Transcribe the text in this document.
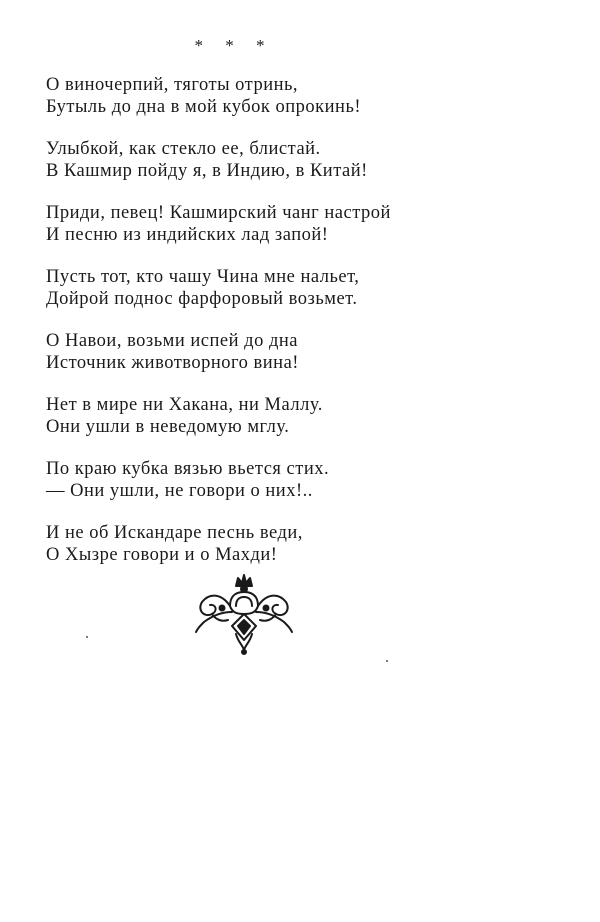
* * *
О виночерпий, тяготы отринь,
Бутыль до дна в мой кубок опрокинь!
Улыбкой, как стекло ее, блистай.
В Кашмир пойду я, в Индию, в Китай!
Приди, певец! Кашмирский чанг настрой
И песню из индийских лад запой!
Пусть тот, кто чашу Чина мне нальет,
Дойрой поднос фарфоровый возьмет.
О Навои, возьми испей до дна
Источник животворного вина!
Нет в мире ни Хакана, ни Маллу.
Они ушли в неведомую мглу.
По краю кубка вязью вьется стих.
— Они ушли, не говори о них!..
И не об Искандаре песнь веди,
О Хызре говори и о Махди!
